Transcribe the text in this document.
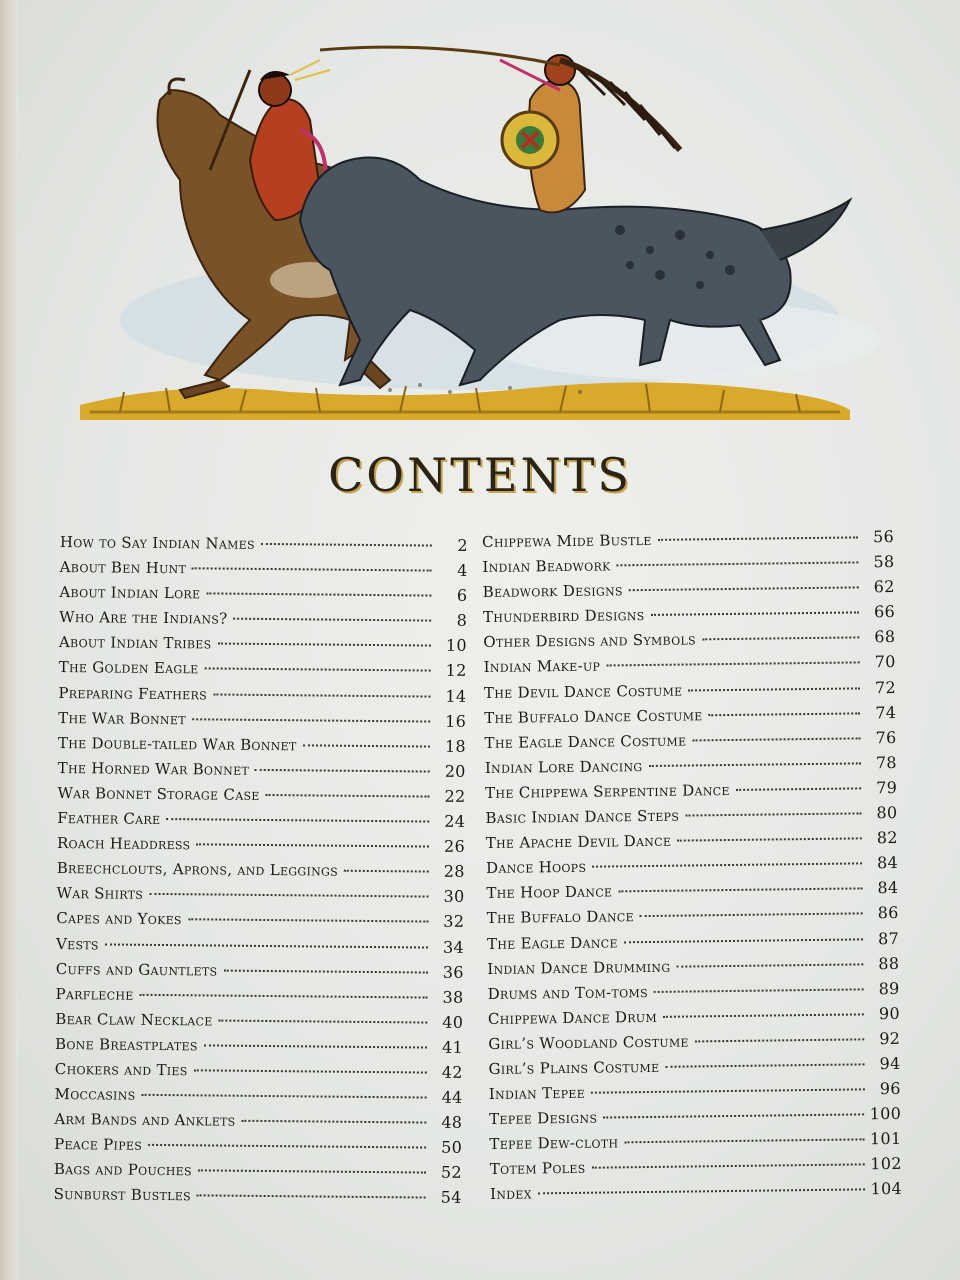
CONTENTS
How to Say Indian Names	2
About Ben Hunt	4
About Indian Lore	6
Who Are the Indians?	8
About Indian Tribes	10
The Golden Eagle	12
Preparing Feathers	14
The War Bonnet	16
The Double-tailed War Bonnet	18
The Horned War Bonnet	20
War Bonnet Storage Case	22
Feather Care	24
Roach Headdress	26
Breechclouts, Aprons, and Leggings	28
War Shirts	30
Capes and Yokes	32
Vests	34
Cuffs and Gauntlets	36
Parfleche	38
Bear Claw Necklace	40
Bone Breastplates	41
Chokers and Ties	42
Moccasins	44
Arm Bands and Anklets	48
Peace Pipes	50
Bags and Pouches	52
Sunburst Bustles	54
Chippewa Mide Bustle	56
Indian Beadwork	58
Beadwork Designs	62
Thunderbird Designs	66
Other Designs and Symbols	68
Indian Make-up	70
The Devil Dance Costume	72
The Buffalo Dance Costume	74
The Eagle Dance Costume	76
Indian Lore Dancing	78
The Chippewa Serpentine Dance	79
Basic Indian Dance Steps	80
The Apache Devil Dance	82
Dance Hoops	84
The Hoop Dance	84
The Buffalo Dance	86
The Eagle Dance	87
Indian Dance Drumming	88
Drums and Tom-toms	89
Chippewa Dance Drum	90
Girl’s Woodland Costume	92
Girl’s Plains Costume	94
Indian Tepee	96
Tepee Designs	100
Tepee Dew-cloth	101
Totem Poles	102
Index	104
